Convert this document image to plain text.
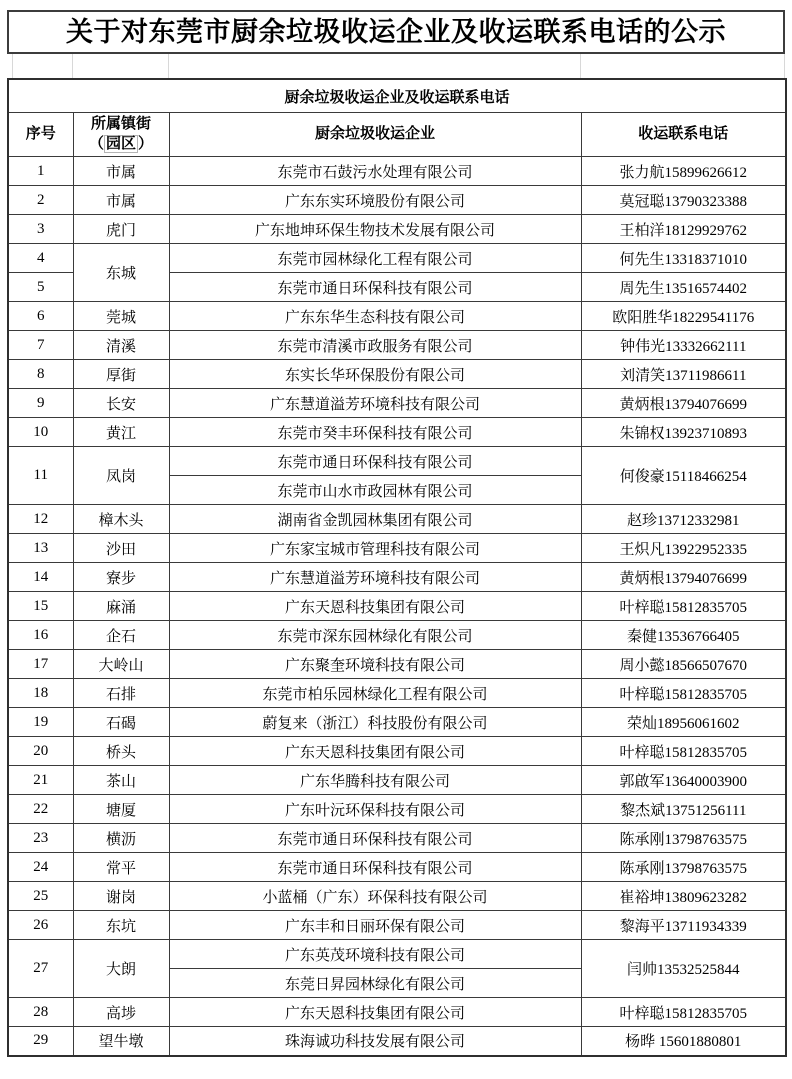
关于对东莞市厨余垃圾收运企业及收运联系电话的公示
厨余垃圾收运企业及收运联系电话			
序号	所属镇街
（ 园区 ）	厨余垃圾收运企业	收运联系电话
1	市属	东莞市石鼓污水处理有限公司	张力航15899626612
2	市属	广东东实环境股份有限公司	莫冠聪13790323388
3	虎门	广东地坤环保生物技术发展有限公司	王柏洋18129929762
4	东城	东莞市园林绿化工程有限公司	何先生13318371010
5		东莞市通日环保科技有限公司	周先生13516574402
6	莞城	广东东华生态科技有限公司	欧阳胜华18229541176
7	清溪	东莞市清溪市政服务有限公司	钟伟光13332662111
8	厚街	东实长华环保股份有限公司	刘清笑13711986611
9	长安	广东慧道溢芳环境科技有限公司	黄炳根13794076699
10	黄江	东莞市癸丰环保科技有限公司	朱锦权13923710893
11	凤岗	东莞市通日环保科技有限公司	何俊豪15118466254
		东莞市山水市政园林有限公司	
12	樟木头	湖南省金凯园林集团有限公司	赵珍13712332981
13	沙田	广东家宝城市管理科技有限公司	王炽凡13922952335
14	寮步	广东慧道溢芳环境科技有限公司	黄炳根13794076699
15	麻涌	广东天恩科技集团有限公司	叶梓聪15812835705
16	企石	东莞市深东园林绿化有限公司	秦健13536766405
17	大岭山	广东聚奎环境科技有限公司	周小懿18566507670
18	石排	东莞市柏乐园林绿化工程有限公司	叶梓聪15812835705
19	石碣	蔚复来（浙江）科技股份有限公司	荣灿18956061602
20	桥头	广东天恩科技集团有限公司	叶梓聪15812835705
21	茶山	广东华腾科技有限公司	郭啟军13640003900
22	塘厦	广东叶沅环保科技有限公司	黎杰斌13751256111
23	横沥	东莞市通日环保科技有限公司	陈承刚13798763575
24	常平	东莞市通日环保科技有限公司	陈承刚13798763575
25	谢岗	小蓝桶（广东）环保科技有限公司	崔裕坤13809623282
26	东坑	广东丰和日丽环保有限公司	黎海平13711934339
27	大朗	广东英茂环境科技有限公司	闫帅13532525844
		东莞日昇园林绿化有限公司	
28	高埗	广东天恩科技集团有限公司	叶梓聪15812835705
29	望牛墩	珠海诚功科技发展有限公司	杨晔 15601880801
